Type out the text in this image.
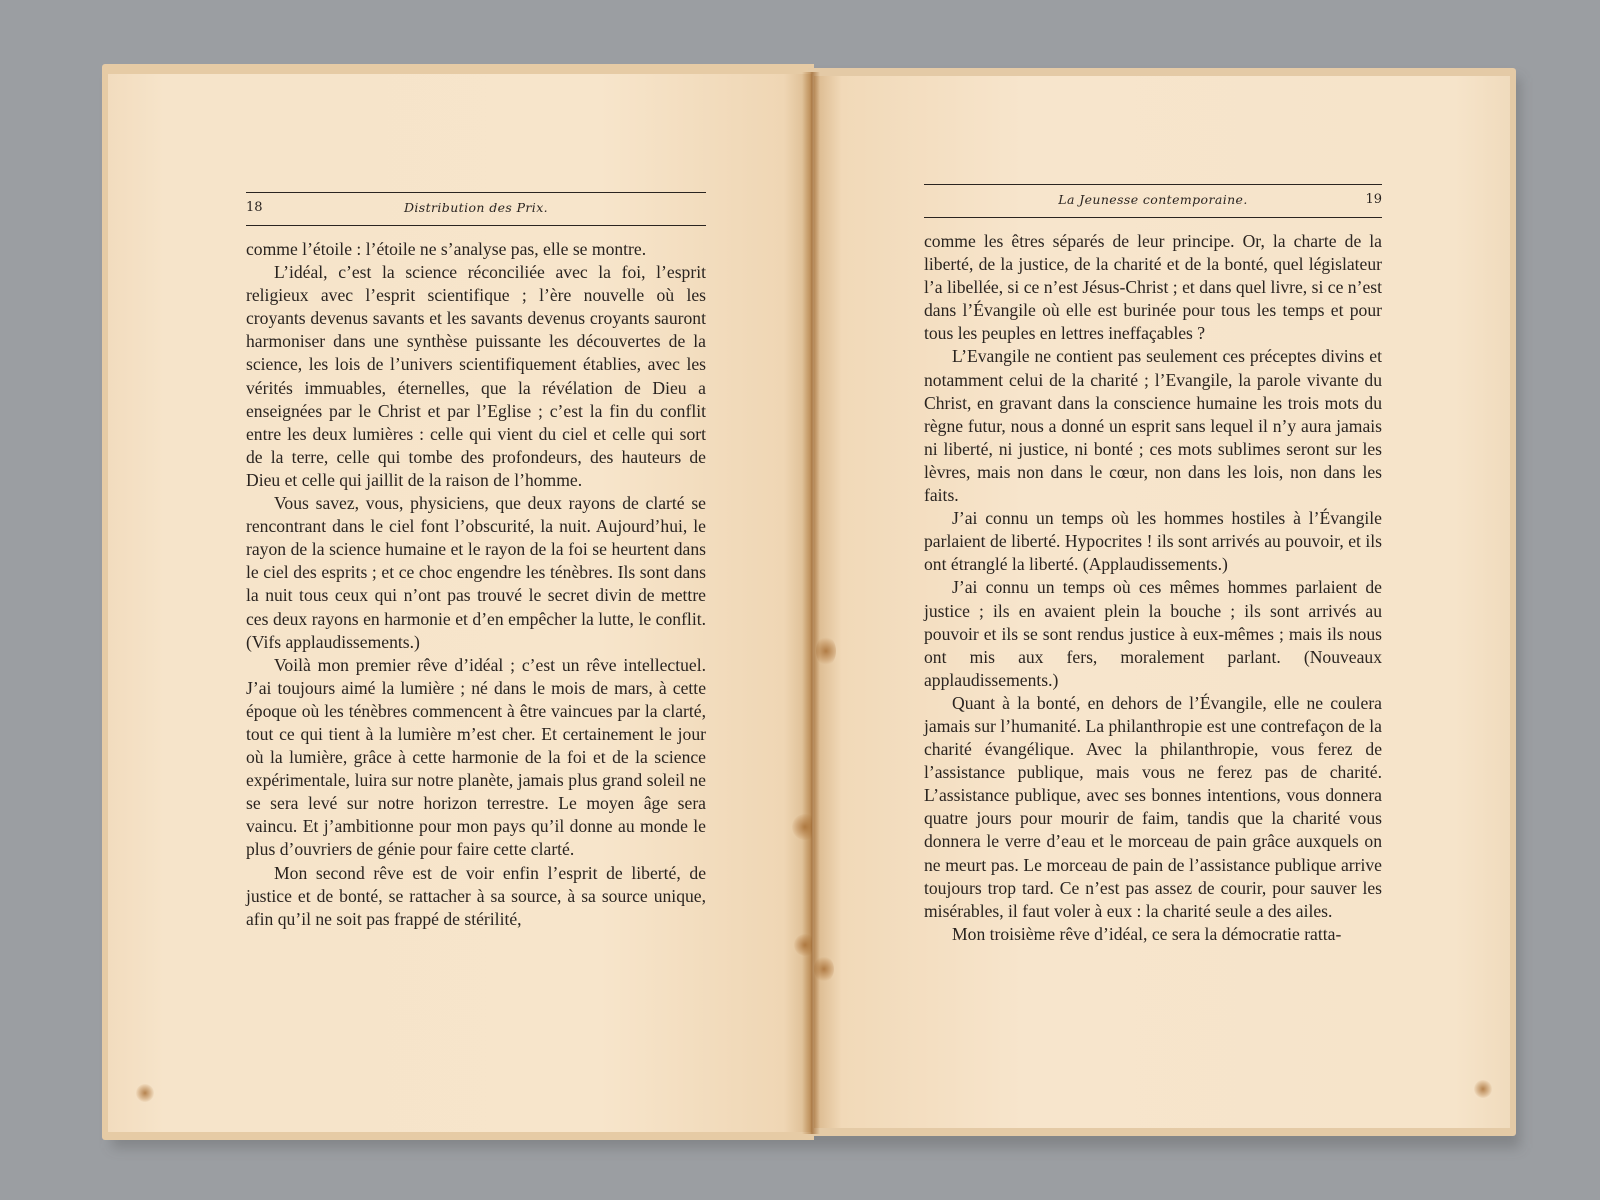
18	Distribution des Prix.

comme l’étoile : l’étoile ne s’analyse pas, elle se montre.

L’idéal, c’est la science réconciliée avec la foi, l’esprit religieux avec l’esprit scientifique ; l’ère nouvelle où les croyants devenus savants et les savants devenus croyants sauront harmoniser dans une synthèse puissante les découvertes de la science, les lois de l’univers scientifiquement établies, avec les vérités immuables, éternelles, que la révélation de Dieu a enseignées par le Christ et par l’Eglise ; c’est la fin du conflit entre les deux lumières : celle qui vient du ciel et celle qui sort de la terre, celle qui tombe des profondeurs, des hauteurs de Dieu et celle qui jaillit de la raison de l’homme.

Vous savez, vous, physiciens, que deux rayons de clarté se rencontrant dans le ciel font l’obscurité, la nuit. Aujourd’hui, le rayon de la science humaine et le rayon de la foi se heurtent dans le ciel des esprits ; et ce choc engendre les ténèbres. Ils sont dans la nuit tous ceux qui n’ont pas trouvé le secret divin de mettre ces deux rayons en harmonie et d’en empêcher la lutte, le conflit. (Vifs applaudissements.)

Voilà mon premier rêve d’idéal ; c’est un rêve intellectuel. J’ai toujours aimé la lumière ; né dans le mois de mars, à cette époque où les ténèbres commencent à être vaincues par la clarté, tout ce qui tient à la lumière m’est cher. Et certainement le jour où la lumière, grâce à cette harmonie de la foi et de la science expérimentale, luira sur notre planète, jamais plus grand soleil ne se sera levé sur notre horizon terrestre. Le moyen âge sera vaincu. Et j’ambitionne pour mon pays qu’il donne au monde le plus d’ouvriers de génie pour faire cette clarté.

Mon second rêve est de voir enfin l’esprit de liberté, de justice et de bonté, se rattacher à sa source, à sa source unique, afin qu’il ne soit pas frappé de stérilité,

La Jeunesse contemporaine.	19

comme les êtres séparés de leur principe. Or, la charte de la liberté, de la justice, de la charité et de la bonté, quel législateur l’a libellée, si ce n’est Jésus-Christ ; et dans quel livre, si ce n’est dans l’Évangile où elle est burinée pour tous les temps et pour tous les peuples en lettres ineffaçables ?

L’Evangile ne contient pas seulement ces préceptes divins et notamment celui de la charité ; l’Evangile, la parole vivante du Christ, en gravant dans la conscience humaine les trois mots du règne futur, nous a donné un esprit sans lequel il n’y aura jamais ni liberté, ni justice, ni bonté ; ces mots sublimes seront sur les lèvres, mais non dans le cœur, non dans les lois, non dans les faits.

J’ai connu un temps où les hommes hostiles à l’Évangile parlaient de liberté. Hypocrites ! ils sont arrivés au pouvoir, et ils ont étranglé la liberté. (Applaudissements.)

J’ai connu un temps où ces mêmes hommes parlaient de justice ; ils en avaient plein la bouche ; ils sont arrivés au pouvoir et ils se sont rendus justice à eux-mêmes ; mais ils nous ont mis aux fers, moralement parlant. (Nouveaux applaudissements.)

Quant à la bonté, en dehors de l’Évangile, elle ne coulera jamais sur l’humanité. La philanthropie est une contrefaçon de la charité évangélique. Avec la philanthropie, vous ferez de l’assistance publique, mais vous ne ferez pas de charité. L’assistance publique, avec ses bonnes intentions, vous donnera quatre jours pour mourir de faim, tandis que la charité vous donnera le verre d’eau et le morceau de pain grâce auxquels on ne meurt pas. Le morceau de pain de l’assistance publique arrive toujours trop tard. Ce n’est pas assez de courir, pour sauver les misérables, il faut voler à eux : la charité seule a des ailes.

Mon troisième rêve d’idéal, ce sera la démocratie ratta-
